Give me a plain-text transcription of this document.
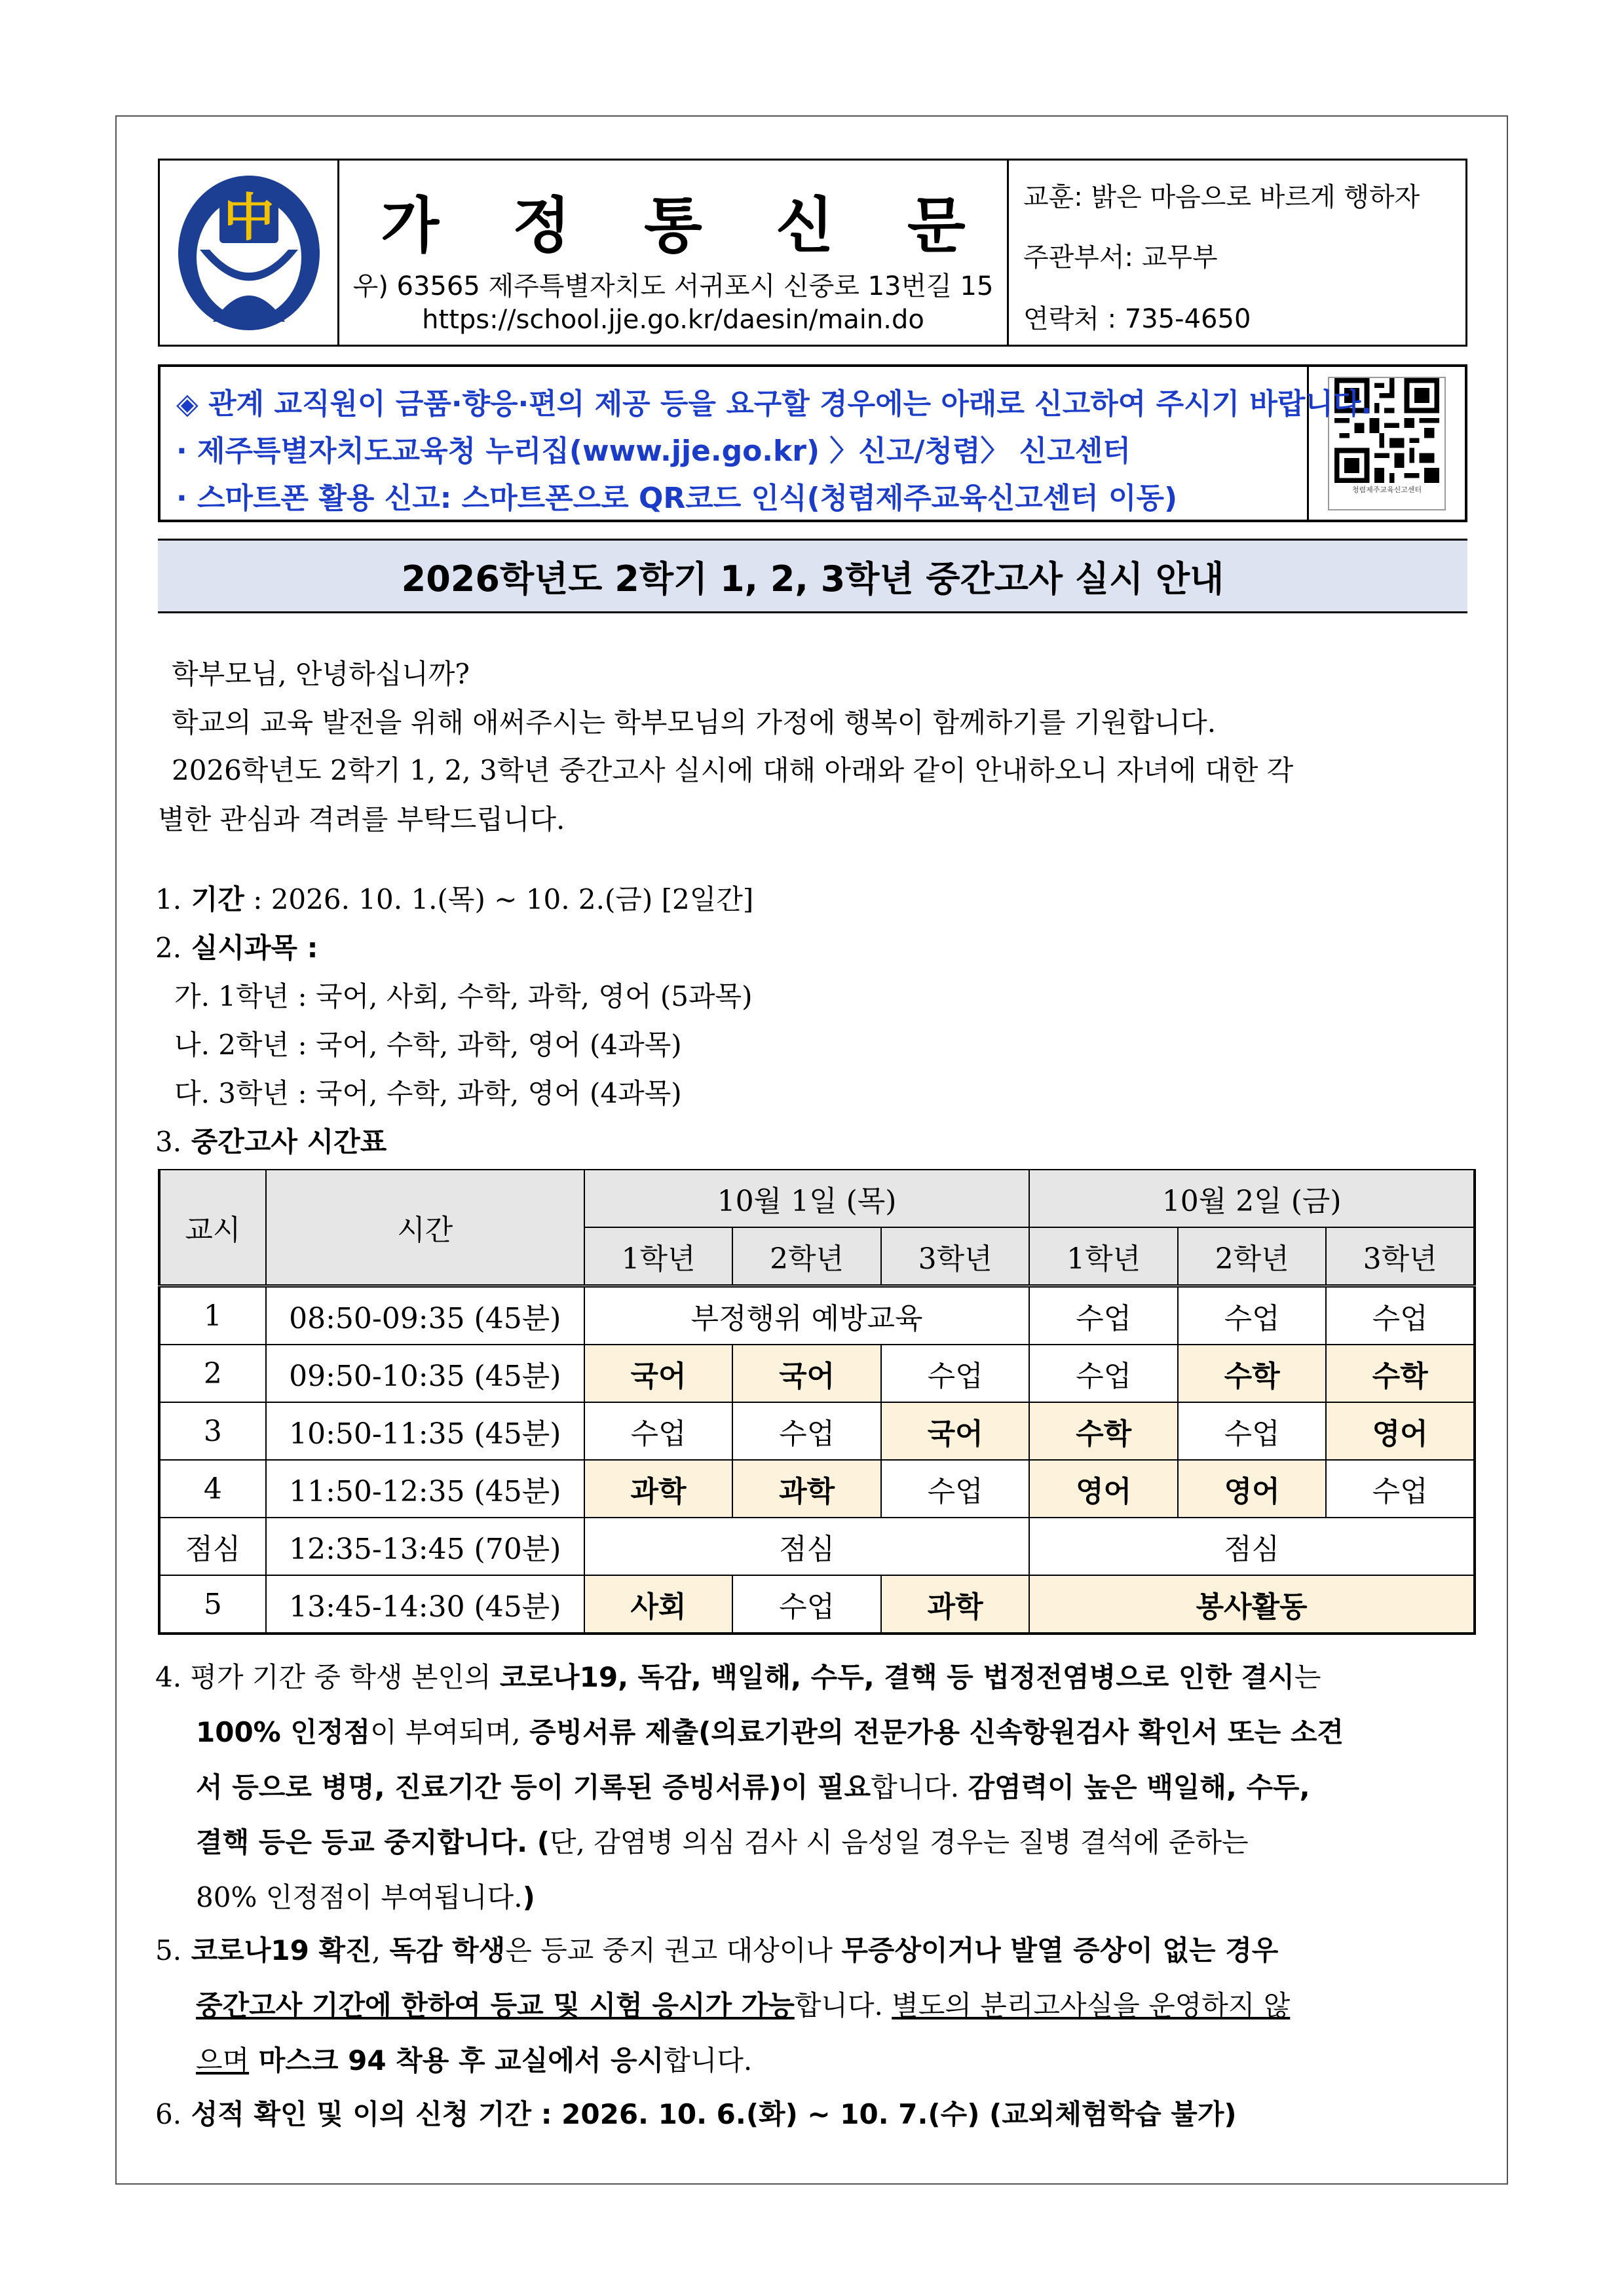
中	가 정 통 신 문
우) 63565 제주특별자치도 서귀포시 신중로 13번길 15
https://school.jje.go.kr/daesin/main.do
교훈: 밝은 마음으로 바르게 행하자
주관부서: 교무부
연락처 : 735-4650
◈ 관계 교직원이 금품·향응·편의 제공 등을 요구할 경우에는 아래로 신고하여 주시기 바랍니다.
· 제주특별자치도교육청 누리집(www.jje.go.kr) 〉신고/청렴〉 신고센터
· 스마트폰 활용 신고: 스마트폰으로 QR코드 인식(청렴제주교육신고센터 이동)	청렴제주교육신고센터
2026학년도 2학기 1, 2, 3학년 중간고사 실시 안내
학부모님, 안녕하십니까?
학교의 교육 발전을 위해 애써주시는 학부모님의 가정에 행복이 함께하기를 기원합니다.
2026학년도 2학기 1, 2, 3학년 중간고사 실시에 대해 아래와 같이 안내하오니 자녀에 대한 각
별한 관심과 격려를 부탁드립니다.
1. 기간 : 2026. 10. 1.(목) ~ 10. 2.(금) [2일간]
2. 실시과목 :
가. 1학년 : 국어, 사회, 수학, 과학, 영어 (5과목)
나. 2학년 : 국어, 수학, 과학, 영어 (4과목)
다. 3학년 : 국어, 수학, 과학, 영어 (4과목)
3. 중간고사 시간표
교시	시간	10월 1일 (목)			10월 2일 (금)		
		1학년	2학년	3학년	1학년	2학년	3학년
1	08:50-09:35 (45분)	부정행위 예방교육			수업	수업	수업
2	09:50-10:35 (45분)	국어	국어	수업	수업	수학	수학
3	10:50-11:35 (45분)	수업	수업	국어	수학	수업	영어
4	11:50-12:35 (45분)	과학	과학	수업	영어	영어	수업
점심	12:35-13:45 (70분)	점심			점심		
5	13:45-14:30 (45분)	사회	수업	과학	봉사활동		
4. 평가 기간 중 학생 본인의 코로나19, 독감, 백일해, 수두, 결핵 등 법정전염병으로 인한 결시는
100% 인정점이 부여되며, 증빙서류 제출(의료기관의 전문가용 신속항원검사 확인서 또는 소견
서 등으로 병명, 진료기간 등이 기록된 증빙서류)이 필요합니다. 감염력이 높은 백일해, 수두,
결핵 등은 등교 중지합니다. (단, 감염병 의심 검사 시 음성일 경우는 질병 결석에 준하는
80% 인정점이 부여됩니다.)
5. 코로나19 확진, 독감 학생은 등교 중지 권고 대상이나 무증상이거나 발열 증상이 없는 경우
중간고사 기간에 한하여 등교 및 시험 응시가 가능합니다. 별도의 분리고사실을 운영하지 않
으며 마스크 94 착용 후 교실에서 응시합니다.
6. 성적 확인 및 이의 신청 기간 : 2026. 10. 6.(화) ~ 10. 7.(수) (교외체험학습 불가)
